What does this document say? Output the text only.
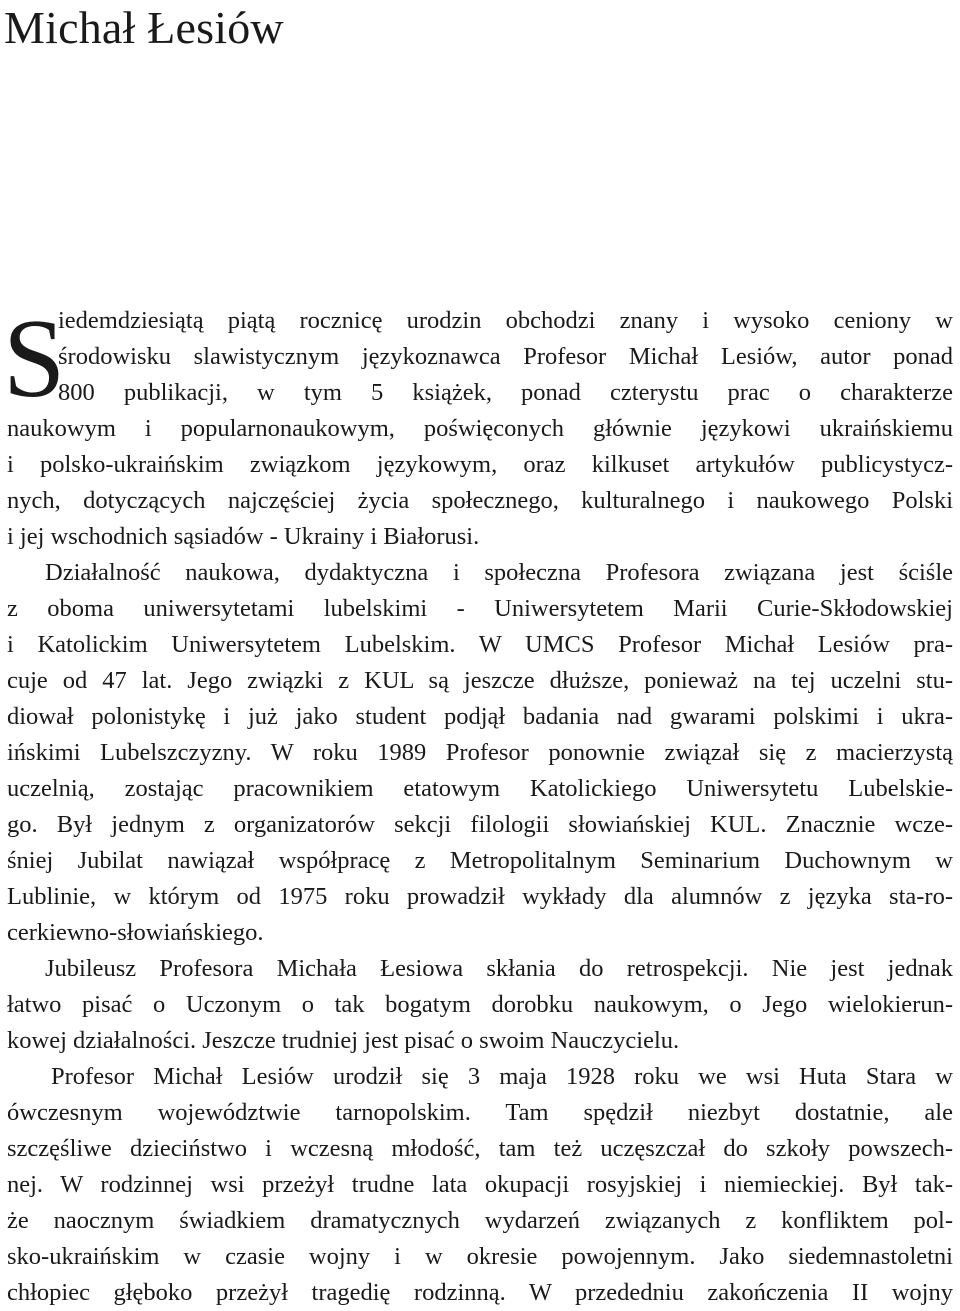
Michał Łesiów
S
iedemdziesiątą piątą rocznicę urodzin obchodzi znany i wysoko ceniony w
środowisku slawistycznym językoznawca Profesor Michał Lesiów, autor ponad
800 publikacji, w tym 5 książek, ponad czterystu prac o charakterze
naukowym i popularnonaukowym, poświęconych głównie językowi ukraińskiemu
i polsko-ukraińskim związkom językowym, oraz kilkuset artykułów publicystycz-
nych, dotyczących najczęściej życia społecznego, kulturalnego i naukowego Polski
i jej wschodnich sąsiadów - Ukrainy i Białorusi.
Działalność naukowa, dydaktyczna i społeczna Profesora związana jest ściśle
z oboma uniwersytetami lubelskimi - Uniwersytetem Marii Curie-Skłodowskiej
i Katolickim Uniwersytetem Lubelskim. W UMCS Profesor Michał Lesiów pra-
cuje od 47 lat. Jego związki z KUL są jeszcze dłuższe, ponieważ na tej uczelni stu-
diował polonistykę i już jako student podjął badania nad gwarami polskimi i ukra-
ińskimi Lubelszczyzny. W roku 1989 Profesor ponownie związał się z macierzystą
uczelnią, zostając pracownikiem etatowym Katolickiego Uniwersytetu Lubelskie-
go. Był jednym z organizatorów sekcji filologii słowiańskiej KUL. Znacznie wcze-
śniej Jubilat nawiązał współpracę z Metropolitalnym Seminarium Duchownym w
Lublinie, w którym od 1975 roku prowadził wykłady dla alumnów z języka sta-ro-
cerkiewno-słowiańskiego.
Jubileusz Profesora Michała Łesiowa skłania do retrospekcji. Nie jest jednak
łatwo pisać o Uczonym o tak bogatym dorobku naukowym, o Jego wielokierun-
kowej działalności. Jeszcze trudniej jest pisać o swoim Nauczycielu.
Profesor Michał Lesiów urodził się 3 maja 1928 roku we wsi Huta Stara w
ówczesnym województwie tarnopolskim. Tam spędził niezbyt dostatnie, ale
szczęśliwe dzieciństwo i wczesną młodość, tam też uczęszczał do szkoły powszech-
nej. W rodzinnej wsi przeżył trudne lata okupacji rosyjskiej i niemieckiej. Był tak-
że naocznym świadkiem dramatycznych wydarzeń związanych z konfliktem pol-
sko-ukraińskim w czasie wojny i w okresie powojennym. Jako siedemnastoletni
chłopiec głęboko przeżył tragedię rodzinną. W przededniu zakończenia II wojny
